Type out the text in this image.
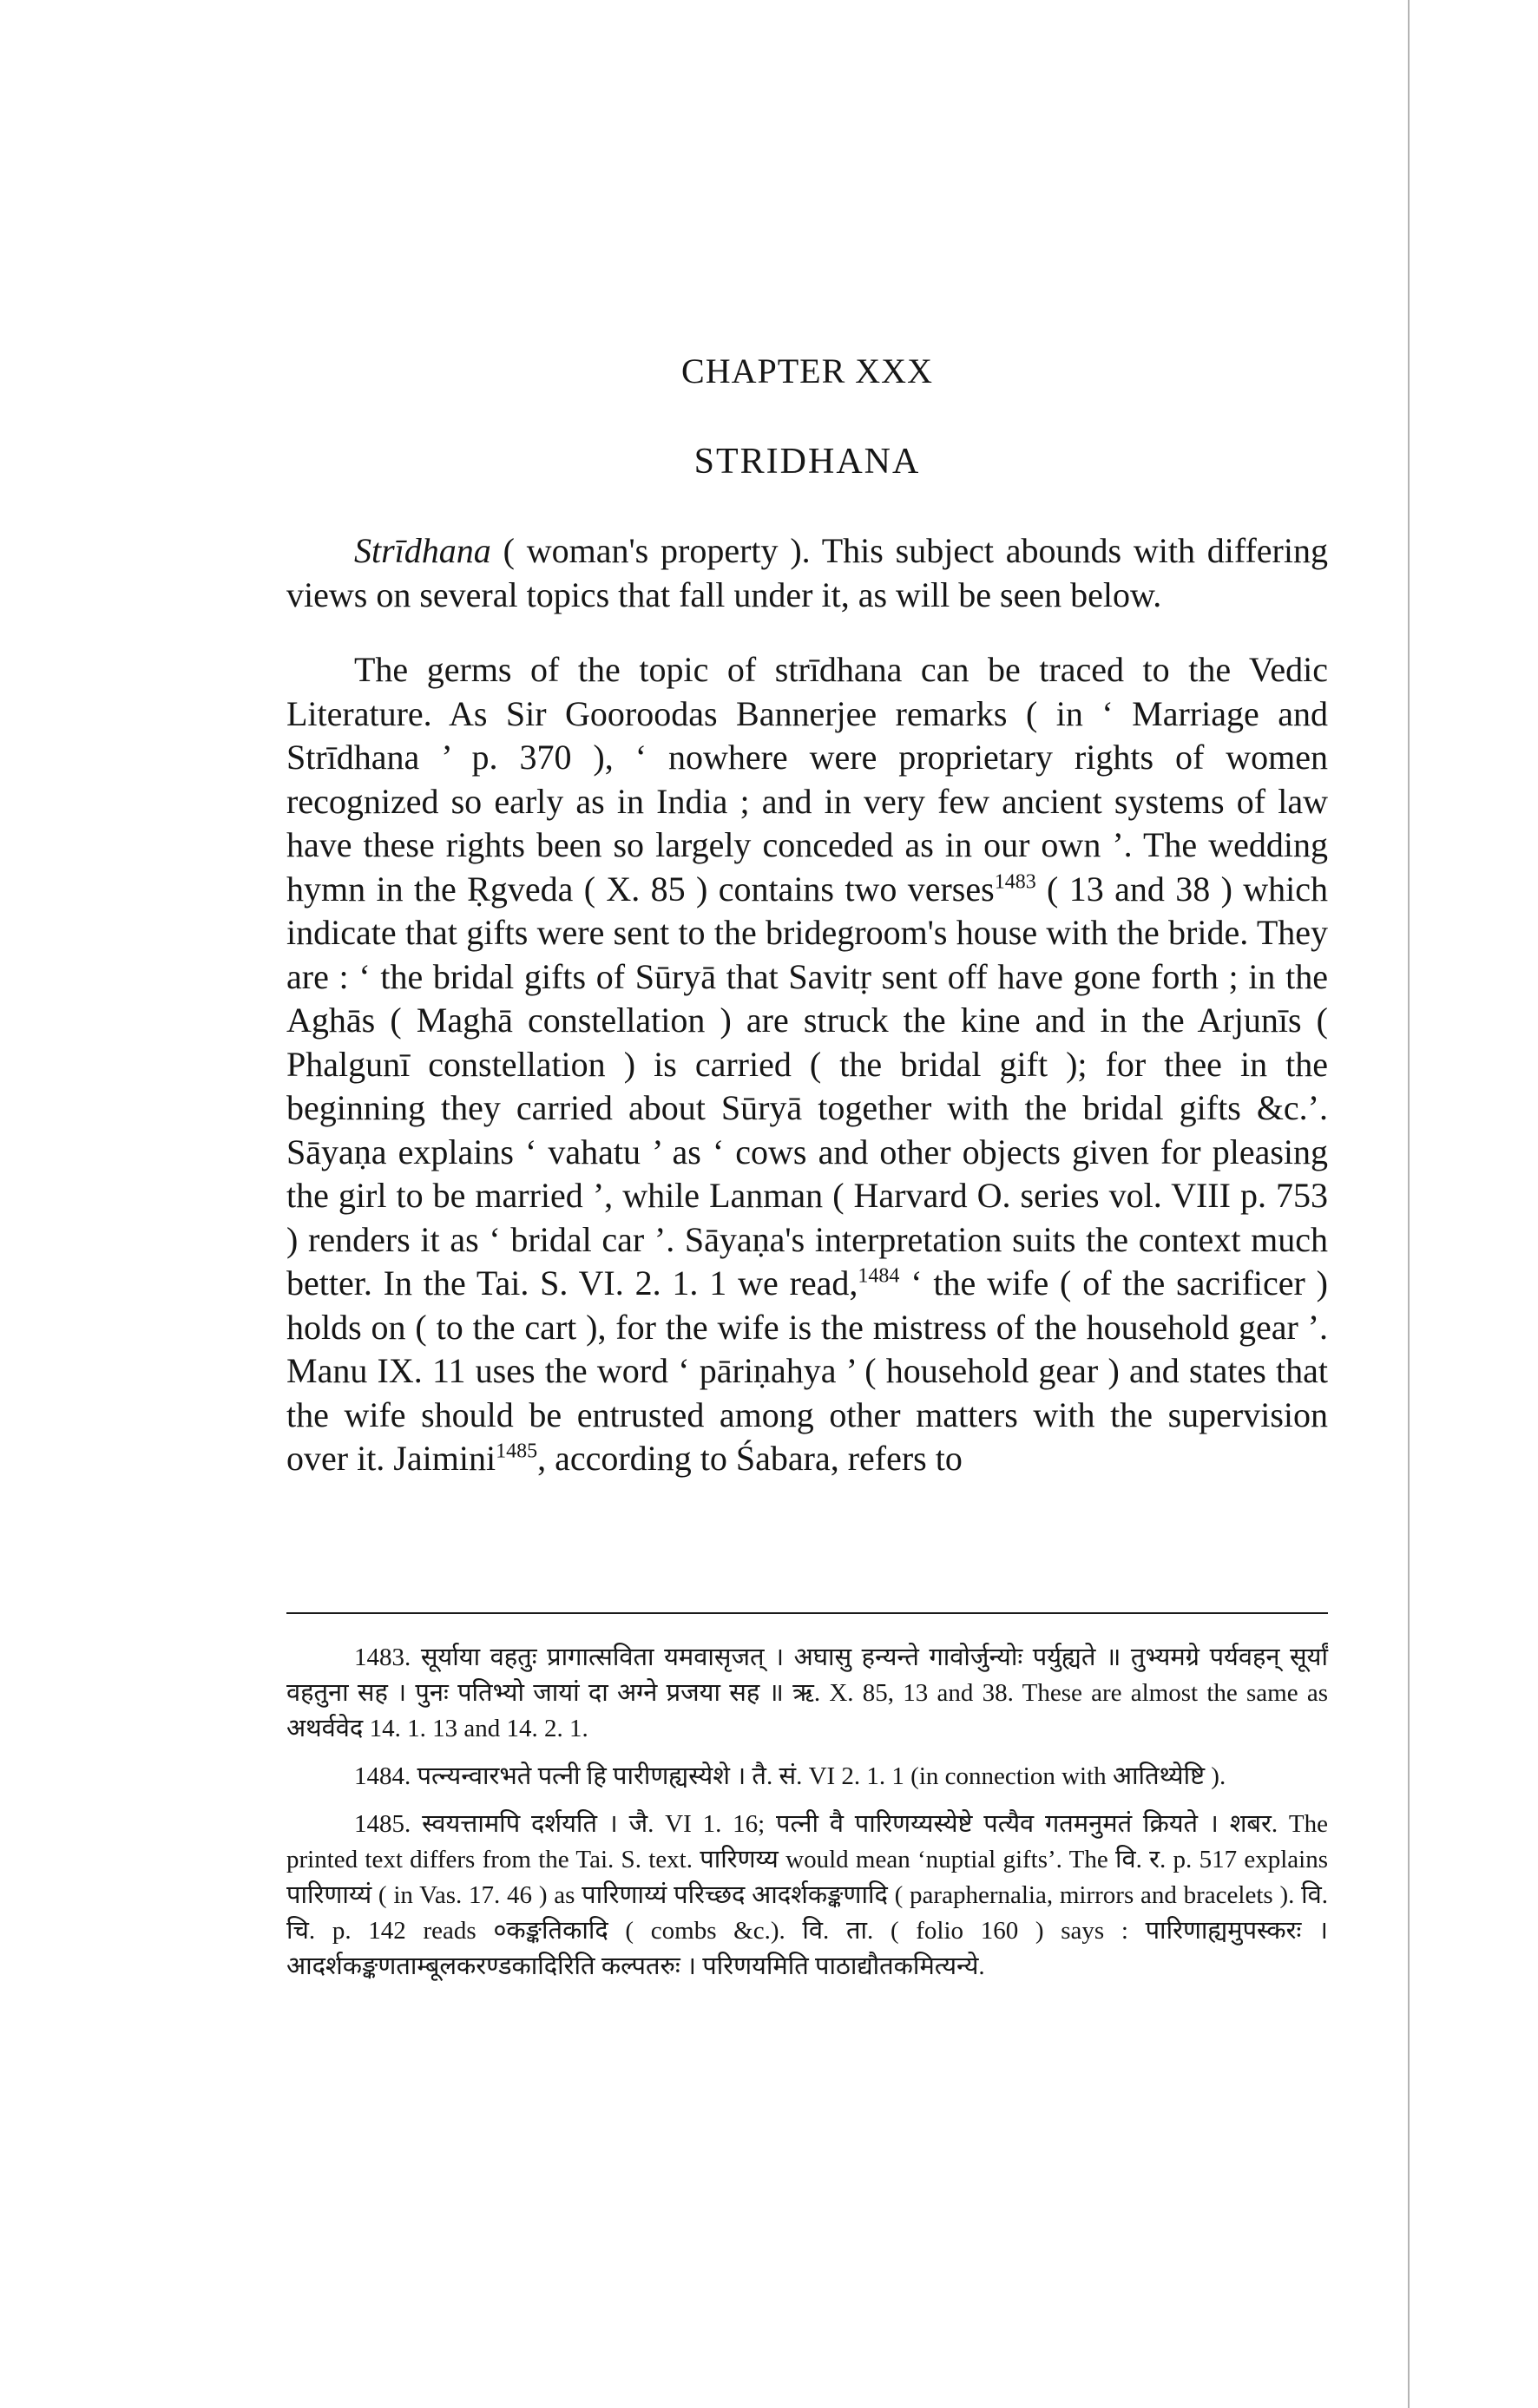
CHAPTER XXX
STRIDHANA

Strīdhana ( woman's property ). This subject abounds with differing views on several topics that fall under it, as will be seen below.

The germs of the topic of strīdhana can be traced to the Vedic Literature. As Sir Gooroodas Bannerjee remarks ( in ‘ Marriage and Strīdhana ’ p. 370 ), ‘ nowhere were proprietary rights of women recognized so early as in India ; and in very few ancient systems of law have these rights been so largely conceded as in our own ’. The wedding hymn in the Ṛgveda ( X. 85 ) contains two verses$^{1483}$ ( 13 and 38 ) which indicate that gifts were sent to the bridegroom's house with the bride. They are : ‘ the bridal gifts of Sūryā that Savitṛ sent off have gone forth ; in the Aghās ( Maghā constellation ) are struck the kine and in the Arjunīs ( Phalgunī constellation ) is carried ( the bridal gift ); for thee in the beginning they carried about Sūryā together with the bridal gifts &c.’. Sāyaṇa explains ‘ vahatu ’ as ‘ cows and other objects given for pleasing the girl to be married ’, while Lanman ( Harvard O. series vol. VIII p. 753 ) renders it as ‘ bridal car ’. Sāyaṇa's interpretation suits the context much better. In the Tai. S. VI. 2. 1. 1 we read,$^{1484}$ ‘ the wife ( of the sacrificer ) holds on ( to the cart ), for the wife is the mistress of the household gear ’. Manu IX. 11 uses the word ‘ pāriṇahya ’ ( household gear ) and states that the wife should be entrusted among other matters with the supervision over it. Jaimini$^{1485}$, according to Śabara, refers to

1483. सूर्याया वहतुः प्रागात्सविता यमवासृजत् । अघासु हन्यन्ते गावोर्जुन्योः पर्युह्यते ॥ तुभ्यमग्रे पर्यवहन् सूर्यां वहतुना सह । पुनः पतिभ्यो जायां दा अग्ने प्रजया सह ॥ ऋ. X. 85, 13 and 38. These are almost the same as अथर्ववेद 14. 1. 13 and 14. 2. 1.

1484. पत्न्यन्वारभते पत्नी हि पारीणह्यस्येशे । तै. सं. VI 2. 1. 1 (in connection with आतिथ्येष्टि ).

1485. स्वयत्तामपि दर्शयति । जै. VI 1. 16; पत्नी वै पारिणय्यस्येष्टे पत्यैव गतमनुमतं क्रियते । शबर. The printed text differs from the Tai. S. text. पारिणय्य would mean ‘nuptial gifts’. The वि. र. p. 517 explains पारिणाय्यं ( in Vas. 17. 46 ) as पारिणाय्यं परिच्छद आदर्शकङ्कणादि ( paraphernalia, mirrors and bracelets ). वि. चि. p. 142 reads ०कङ्कतिकादि ( combs &c.). वि. ता. ( folio 160 ) says : पारिणाह्यमुपस्करः । आदर्शकङ्कणताम्बूलकरण्डकादिरिति कल्पतरुः । परिणयमिति पाठाद्यौतकमित्यन्ये.
